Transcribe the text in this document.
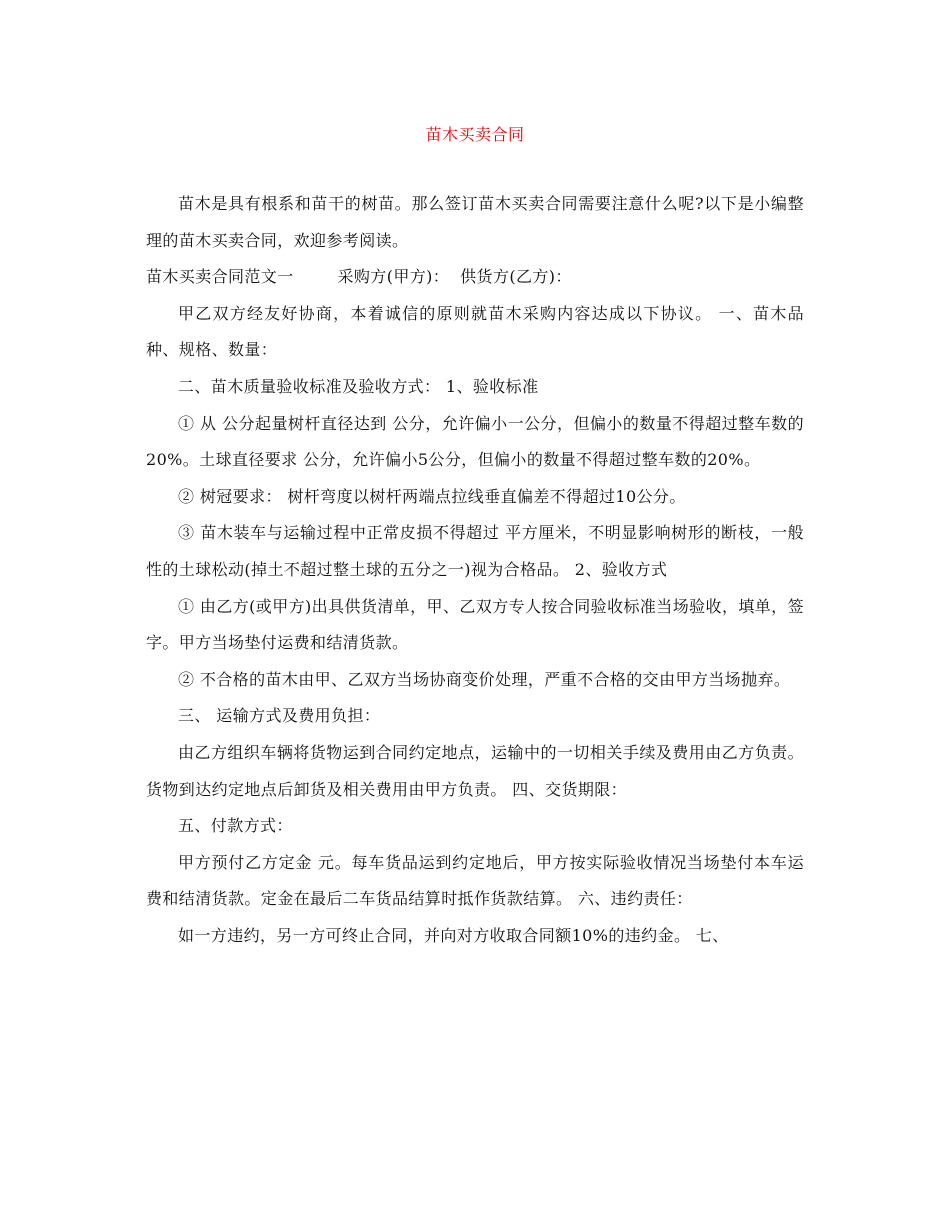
苗木买卖合同

苗木是具有根系和苗干的树苗。那么签订苗木买卖合同需要注意什么呢?以下是小编整理的苗木买卖合同，欢迎参考阅读。

苗木买卖合同范文一        采购方(甲方)：  供货方(乙方)：

甲乙双方经友好协商，本着诚信的原则就苗木采购内容达成以下协议。 一、苗木品种、规格、数量：

二、苗木质量验收标准及验收方式： 1、验收标准

① 从 公分起量树杆直径达到 公分，允许偏小一公分，但偏小的数量不得超过整车数的20%。土球直径要求 公分，允许偏小5公分，但偏小的数量不得超过整车数的20%。

② 树冠要求： 树杆弯度以树杆两端点拉线垂直偏差不得超过10公分。

③ 苗木装车与运输过程中正常皮损不得超过 平方厘米，不明显影响树形的断枝，一般性的土球松动(掉土不超过整土球的五分之一)视为合格品。 2、验收方式

① 由乙方(或甲方)出具供货清单，甲、乙双方专人按合同验收标准当场验收，填单，签字。甲方当场垫付运费和结清货款。

② 不合格的苗木由甲、乙双方当场协商变价处理，严重不合格的交由甲方当场抛弃。

三、 运输方式及费用负担：

由乙方组织车辆将货物运到合同约定地点，运输中的一切相关手续及费用由乙方负责。货物到达约定地点后卸货及相关费用由甲方负责。 四、交货期限：

五、付款方式：

甲方预付乙方定金 元。每车货品运到约定地后，甲方按实际验收情况当场垫付本车运费和结清货款。定金在最后二车货品结算时抵作货款结算。 六、违约责任：

如一方违约，另一方可终止合同，并向对方收取合同额10%的违约金。 七、
